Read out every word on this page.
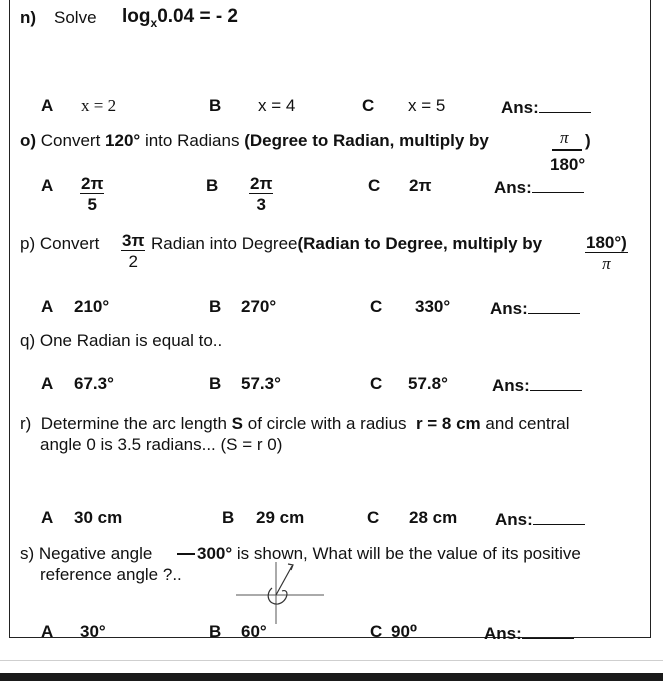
n) Solve $\log_x0.04$ = - 2
A x = 2	B x = 4	C x = 5	Ans:
o) Convert 120° into Radians (Degree to Radian, multiply by	π )
180°
A $\frac{2\pi}{5}$	B $\frac{2\pi}{3}$	C 2π	Ans:
p) Convert $\frac{3\pi}{2}$ Radian into Degree(Radian to Degree, multiply by	$\frac{180^\circ)}{\pi}$
A 210°	B 270°	C 330° Ans:
q) One Radian is equal to..
A 67.3°	B 57.3°	C 57.8°	Ans:
r) Determine the arc length S of circle with a radius r = 8 cm and central
angle 0 is 3.5 radians... (S = r 0)
A 30 cm	B 29 cm	C 28 cm Ans:
s) Negative angle	300° is shown, What will be the value of its positive
reference angle ?..
A 30°	B 60°	C 90⁰	Ans:
